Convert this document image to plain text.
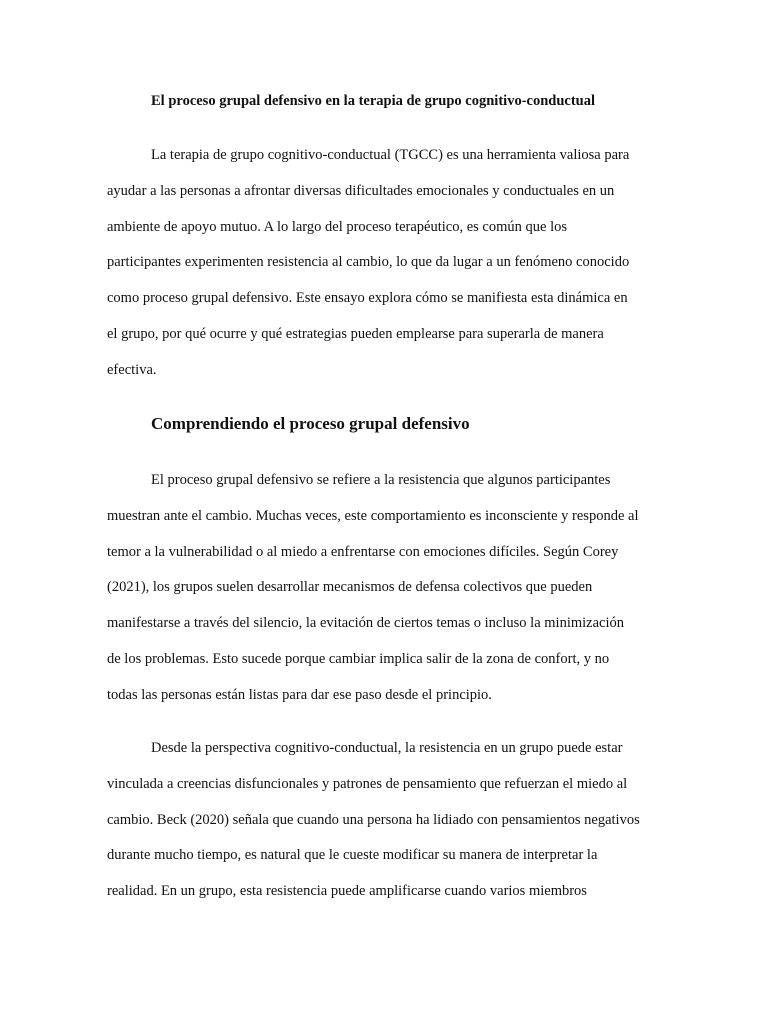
El proceso grupal defensivo en la terapia de grupo cognitivo-conductual

La terapia de grupo cognitivo-conductual (TGCC) es una herramienta valiosa para
ayudar a las personas a afrontar diversas dificultades emocionales y conductuales en un
ambiente de apoyo mutuo. A lo largo del proceso terapéutico, es común que los
participantes experimenten resistencia al cambio, lo que da lugar a un fenómeno conocido
como proceso grupal defensivo. Este ensayo explora cómo se manifiesta esta dinámica en
el grupo, por qué ocurre y qué estrategias pueden emplearse para superarla de manera
efectiva.

Comprendiendo el proceso grupal defensivo

El proceso grupal defensivo se refiere a la resistencia que algunos participantes
muestran ante el cambio. Muchas veces, este comportamiento es inconsciente y responde al
temor a la vulnerabilidad o al miedo a enfrentarse con emociones difíciles. Según Corey
(2021), los grupos suelen desarrollar mecanismos de defensa colectivos que pueden
manifestarse a través del silencio, la evitación de ciertos temas o incluso la minimización
de los problemas. Esto sucede porque cambiar implica salir de la zona de confort, y no
todas las personas están listas para dar ese paso desde el principio.

Desde la perspectiva cognitivo-conductual, la resistencia en un grupo puede estar
vinculada a creencias disfuncionales y patrones de pensamiento que refuerzan el miedo al
cambio. Beck (2020) señala que cuando una persona ha lidiado con pensamientos negativos
durante mucho tiempo, es natural que le cueste modificar su manera de interpretar la
realidad. En un grupo, esta resistencia puede amplificarse cuando varios miembros
